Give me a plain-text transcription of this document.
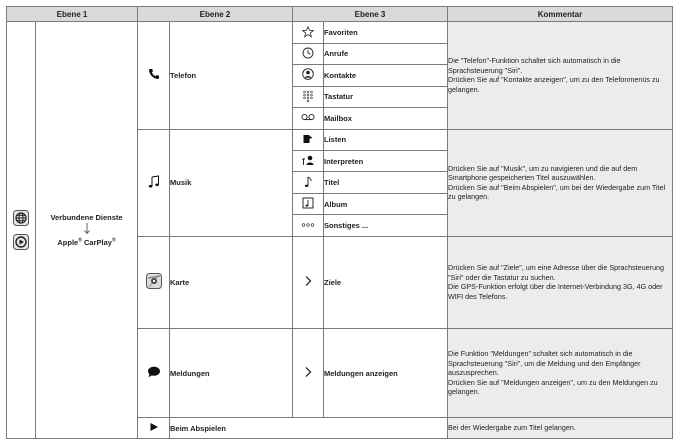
Ebene 1		Ebene 2		Ebene 3		Kommentar

Verbundene Dienste
Apple® CarPlay®		Telefon		Favoriten	Die "Telefon"-Funktion schaltet sich automatisch in die Sprachsteuerung "Siri".
Drücken Sie auf "Kontakte anzeigen", um zu den Telefonmenüs zu gelangen.

	Anrufe	

	Kontakte	

	Tastatur	

	Mailbox	

	Musik		Listen	Drücken Sie auf "Musik", um zu navigieren und die auf dem Smartphone gespeicherten Titel auszuwählen.
Drücken Sie auf "Beim Abspielen", um bei der Wiedergabe zum Titel zu gelangen.

	Interpreten	

	Titel	

	Album	

	Sonstiges ...	

	Karte		Ziele	Drücken Sie auf "Ziele", um eine Adresse über die Sprachsteuerung "Siri" oder die Tastatur zu suchen.
Die GPS-Funktion erfolgt über die Internet-Verbindung 3G, 4G oder WIFI des Telefons.

	Meldungen		Meldungen anzeigen	Die Funktion "Meldungen" schaltet sich automatisch in die Sprachsteuerung "Siri", um die Meldung und den Empfänger auszusprechen.
Drücken Sie auf "Meldungen anzeigen", um zu den Meldungen zu gelangen.

	Beim Abspielen			Bei der Wiedergabe zum Titel gelangen.
